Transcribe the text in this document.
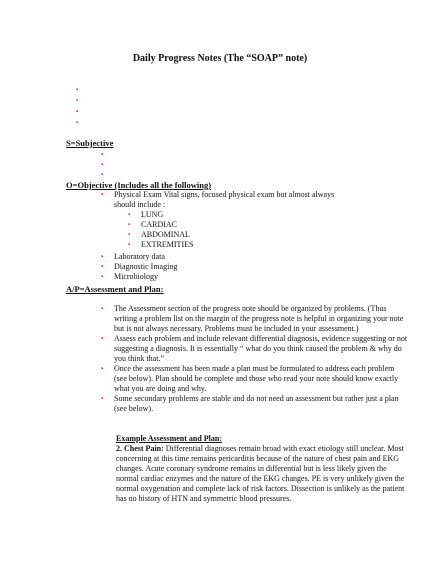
Daily Progress Notes (The “SOAP” note)
▪
▪
▪
▪
S=Subjective
▪
▪
▪
O=Objective (Includes all the following)
▪ Physical Exam Vital signs, focused physical exam but almost always should include :
▪ LUNG
▪ CARDIAC
▪ ABDOMINAL
▪ EXTREMITIES
▪ Laboratory data
▪ Diagnostic Imaging
▪ Microbiology
A/P=Assessment and Plan:
▪ The Assessment section of the progress note should be organized by problems. (Thus writing a problem list on the margin of the progress note is helpful in organizing your note but is not always necessary. Problems must be included in your assessment.)
▪ Assess each problem and include relevant differential diagnosis, evidence suggesting or not suggesting a diagnosis. It is essentially “ what do you think caused the problem & why do you think that.”
▪ Once the assessment has been made a plan must be formulated to address each problem (see below). Plan should be complete and those who read your note should know exactly what you are doing and why.
▪ Some secondary problems are stable and do not need an assessment but rather just a plan (see below).
Example Assessment and Plan:
2. Chest Pain: Differential diagnoses remain broad with exact etiology still unclear. Most concerning at this time remains pericarditis because of the nature of chest pain and EKG changes. Acute coronary syndrome remains in differential but is less likely given the normal cardiac enzymes and the nature of the EKG changes. PE is very unlikely given the normal oxygenation and complete lack of risk factors. Dissection is unlikely as the patient has no history of HTN and symmetric blood pressures.
